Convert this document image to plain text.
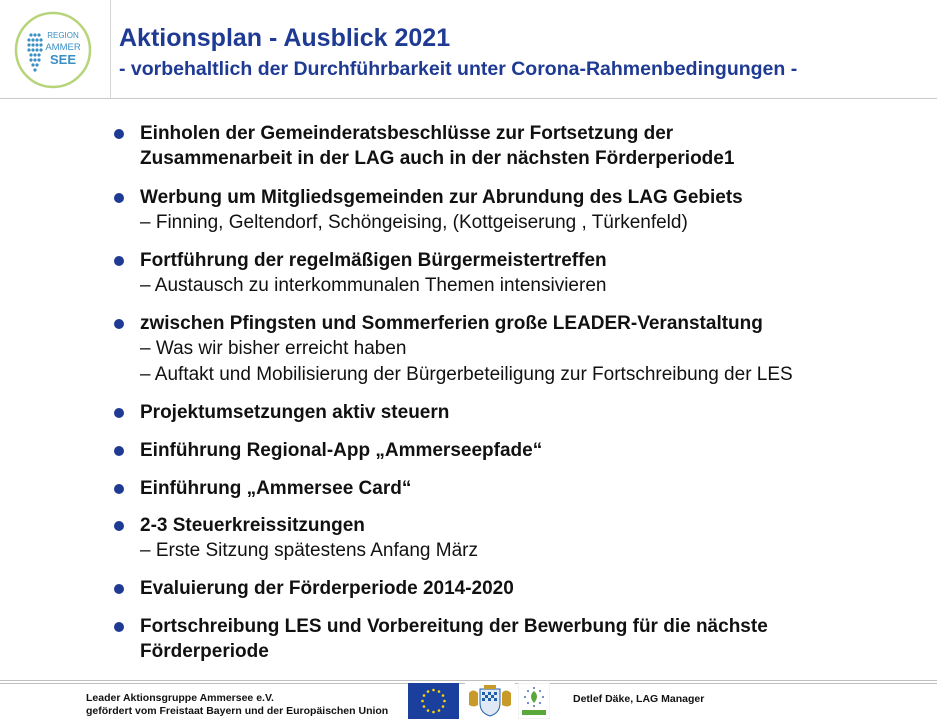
REGION
AMMER
SEE
Aktionsplan - Ausblick 2021
- vorbehaltlich der Durchführbarkeit unter Corona-Rahmenbedingungen -
Einholen der Gemeinderatsbeschlüsse zur Fortsetzung der
Zusammenarbeit in der LAG auch in der nächsten Förderperiode1
Werbung um Mitgliedsgemeinden zur Abrundung des LAG Gebiets
– Finning, Geltendorf, Schöngeising, (Kottgeiserung , Türkenfeld)
Fortführung der regelmäßigen Bürgermeistertreffen
– Austausch zu interkommunalen Themen intensivieren
zwischen Pfingsten und Sommerferien große LEADER-Veranstaltung
– Was wir bisher erreicht haben
– Auftakt und Mobilisierung der Bürgerbeteiligung zur Fortschreibung der LES
Projektumsetzungen aktiv steuern
Einführung Regional-App „Ammerseepfade“
Einführung „Ammersee Card“
2-3 Steuerkreissitzungen
– Erste Sitzung spätestens Anfang März
Evaluierung der Förderperiode 2014-2020
Fortschreibung LES und Vorbereitung der Bewerbung für die nächste
Förderperiode
Leader Aktionsgruppe Ammersee e.V.
gefördert vom Freistaat Bayern und der Europäischen Union
Detlef Däke, LAG Manager
